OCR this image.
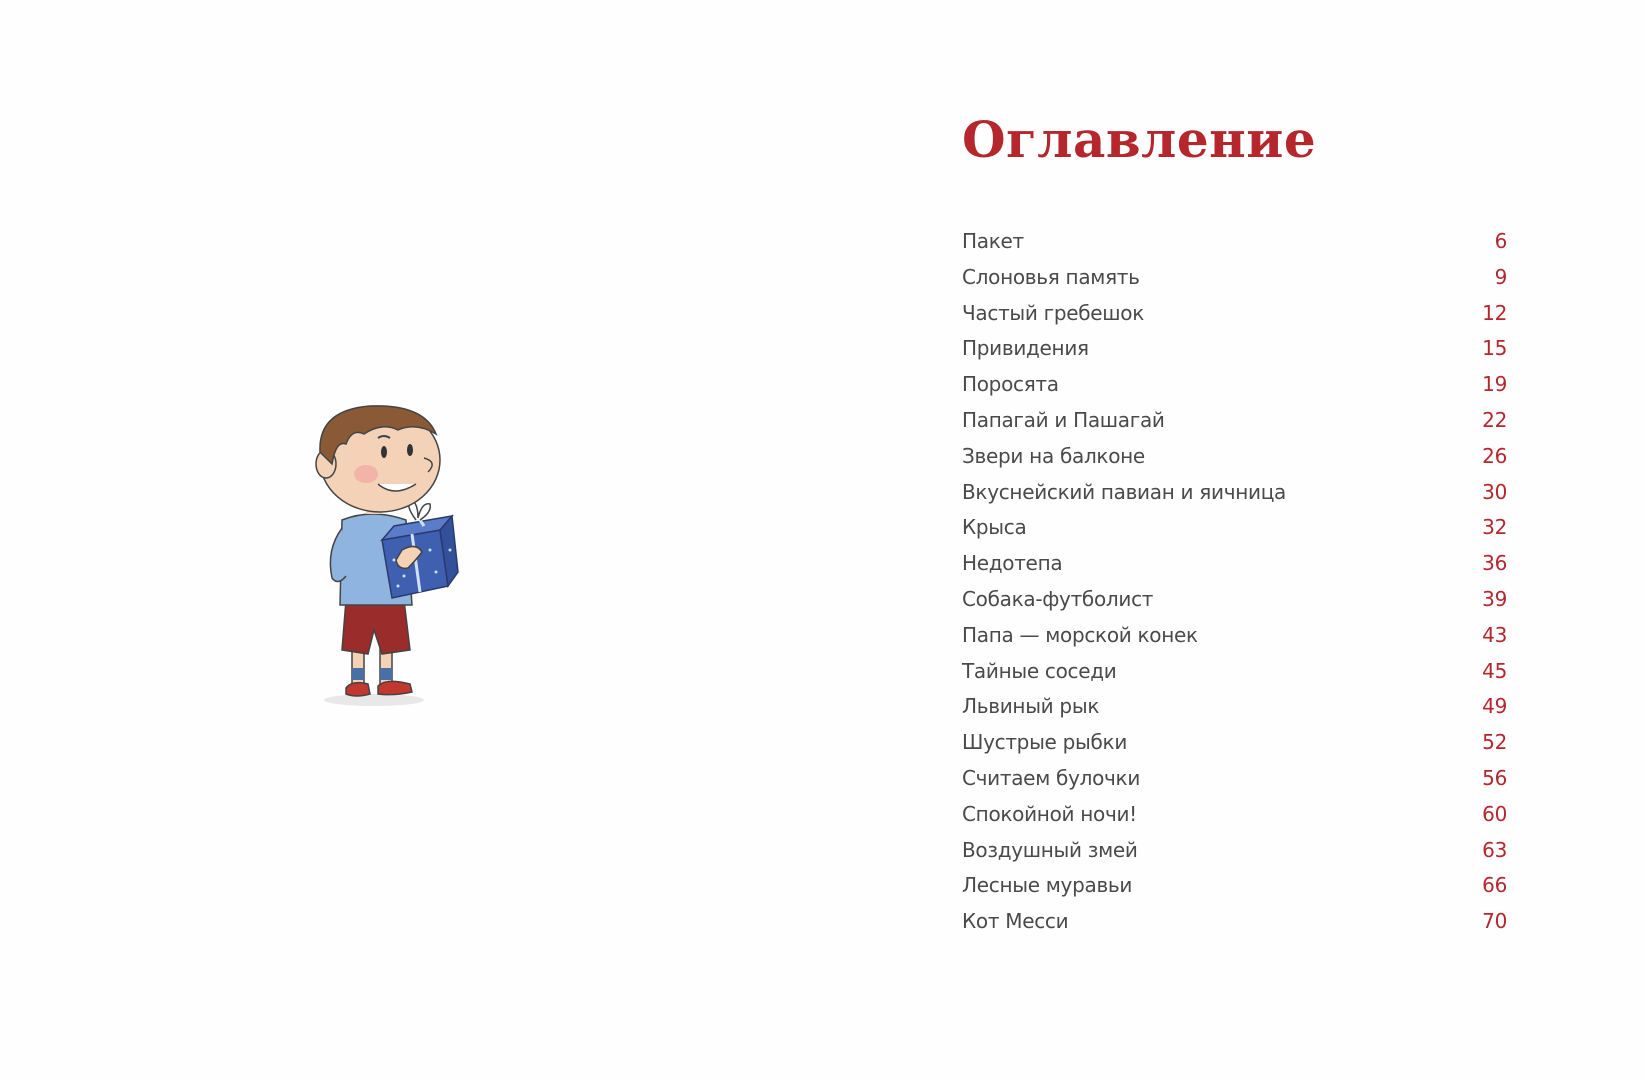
Оглавление
Пакет	6
Слоновья память	9
Частый гребешок	12
Привидения	15
Поросята	19
Папагай и Пашагай	22
Звери на балконе	26
Вкуснейский павиан и яичница	30
Крыса	32
Недотепа	36
Собака-футболист	39
Папа — морской конек	43
Тайные соседи	45
Львиный рык	49
Шустрые рыбки	52
Считаем булочки	56
Спокойной ночи!	60
Воздушный змей	63
Лесные муравьи	66
Кот Месси	70
